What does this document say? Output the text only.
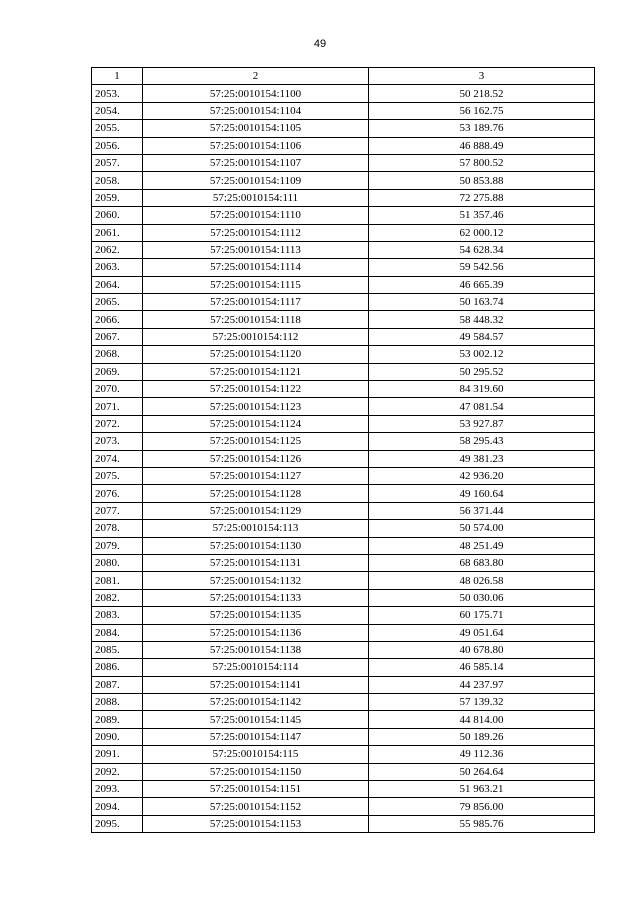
49
1	2	3
2053.	57:25:0010154:1100	50 218.52
2054.	57:25:0010154:1104	56 162.75
2055.	57:25:0010154:1105	53 189.76
2056.	57:25:0010154:1106	46 888.49
2057.	57:25:0010154:1107	57 800.52
2058.	57:25:0010154:1109	50 853.88
2059.	57:25:0010154:111	72 275.88
2060.	57:25:0010154:1110	51 357.46
2061.	57:25:0010154:1112	62 000.12
2062.	57:25:0010154:1113	54 628.34
2063.	57:25:0010154:1114	59 542.56
2064.	57:25:0010154:1115	46 665.39
2065.	57:25:0010154:1117	50 163.74
2066.	57:25:0010154:1118	58 448.32
2067.	57:25:0010154:112	49 584.57
2068.	57:25:0010154:1120	53 002.12
2069.	57:25:0010154:1121	50 295.52
2070.	57:25:0010154:1122	84 319.60
2071.	57:25:0010154:1123	47 081.54
2072.	57:25:0010154:1124	53 927.87
2073.	57:25:0010154:1125	58 295.43
2074.	57:25:0010154:1126	49 381.23
2075.	57:25:0010154:1127	42 936.20
2076.	57:25:0010154:1128	49 160.64
2077.	57:25:0010154:1129	56 371.44
2078.	57:25:0010154:113	50 574.00
2079.	57:25:0010154:1130	48 251.49
2080.	57:25:0010154:1131	68 683.80
2081.	57:25:0010154:1132	48 026.58
2082.	57:25:0010154:1133	50 030.06
2083.	57:25:0010154:1135	60 175.71
2084.	57:25:0010154:1136	49 051.64
2085.	57:25:0010154:1138	40 678.80
2086.	57:25:0010154:114	46 585.14
2087.	57:25:0010154:1141	44 237.97
2088.	57:25:0010154:1142	57 139.32
2089.	57:25:0010154:1145	44 814.00
2090.	57:25:0010154:1147	50 189.26
2091.	57:25:0010154:115	49 112.36
2092.	57:25:0010154:1150	50 264.64
2093.	57:25:0010154:1151	51 963.21
2094.	57:25:0010154:1152	79 856.00
2095.	57:25:0010154:1153	55 985.76
